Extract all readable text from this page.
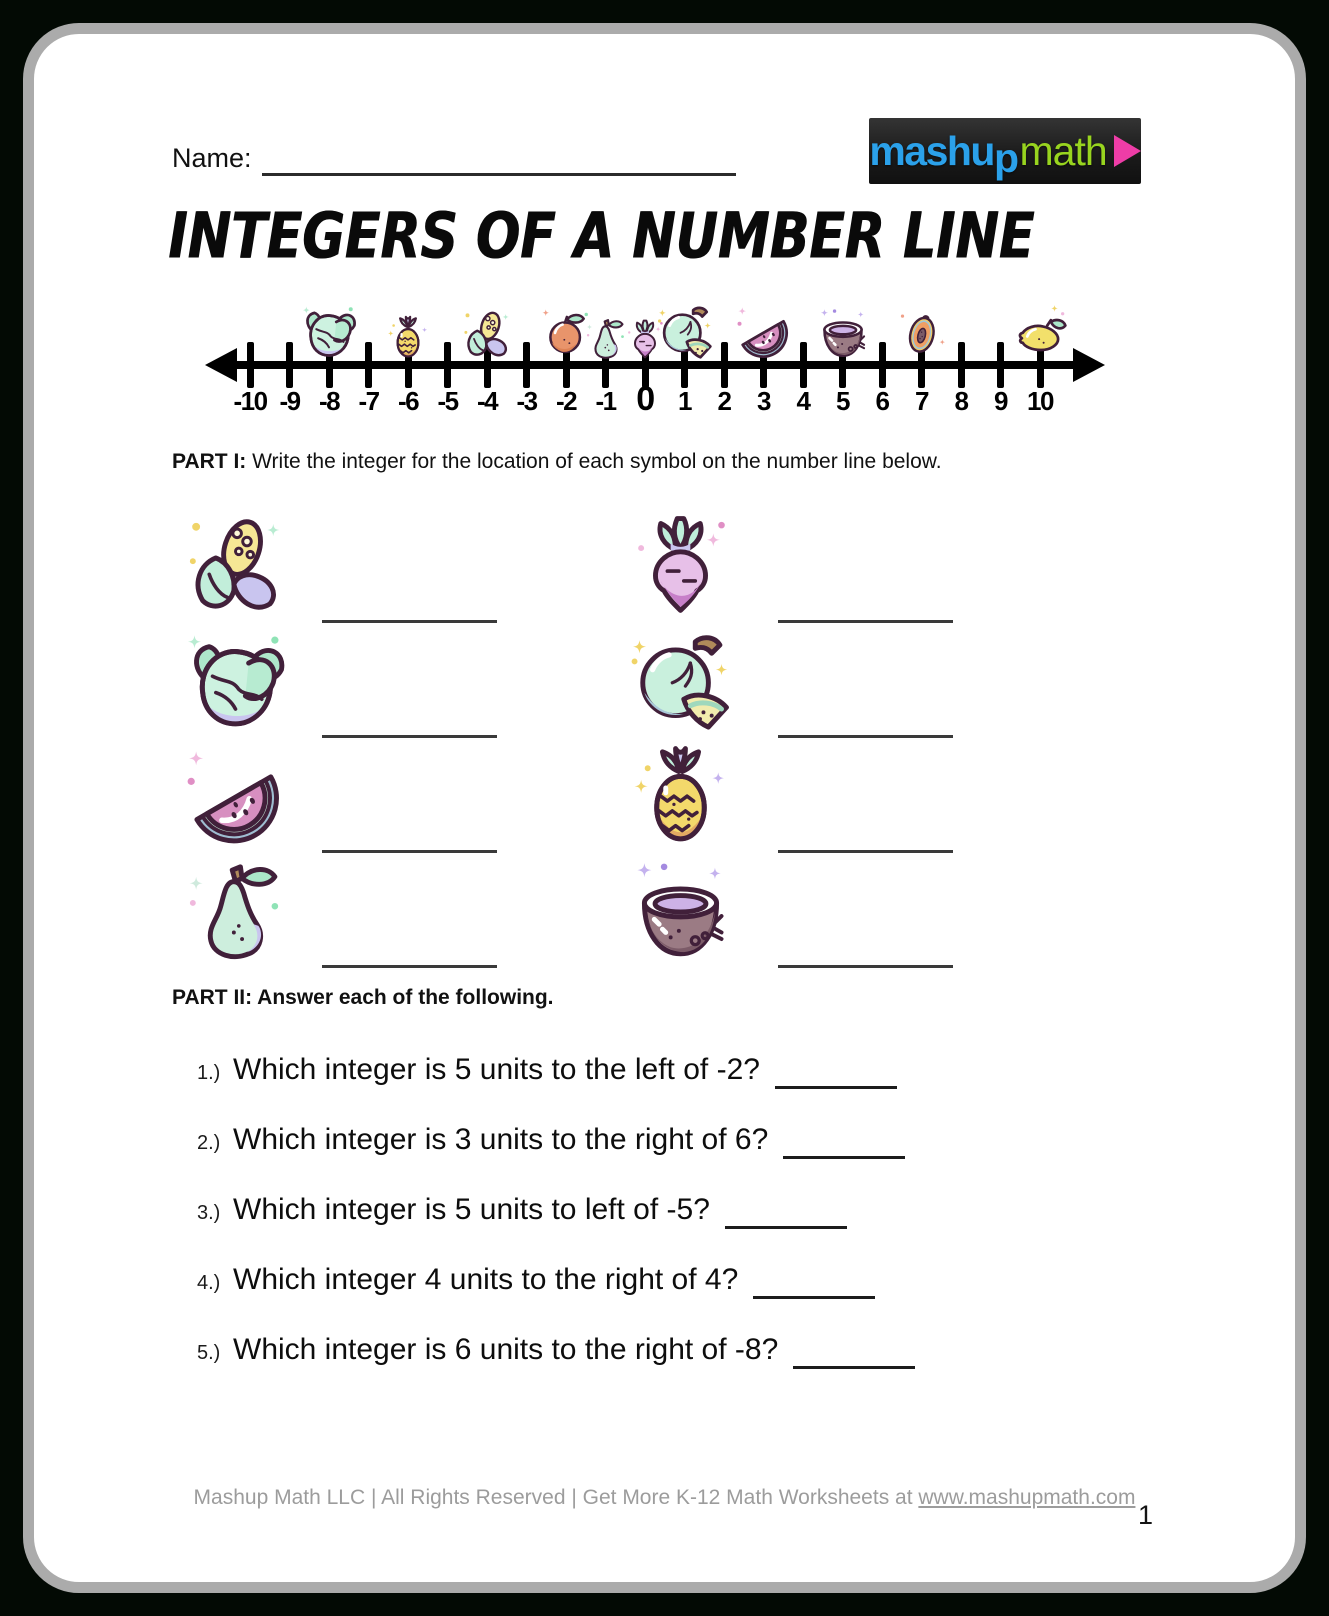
Name:	mashup math
INTEGERS OF A NUMBER LINE
-10 -9 -8 -7 -6 -5 -4 -3 -2 -1 0 1	2	3	4	5	6	7	8	9 10
PART I: Write the integer for the location of each symbol on the number line below.
PART II: Answer each of the following.
1.) Which integer is 5 units to the left of -2?
2.) Which integer is 3 units to the right of 6?
3.) Which integer is 5 units to left of -5?
4.) Which integer 4 units to the right of 4?
5.) Which integer is 6 units to the right of -8?
Mashup Math LLC | All Rights Reserved | Get More K-12 Math Worksheets at www.mashupmath.com
1
